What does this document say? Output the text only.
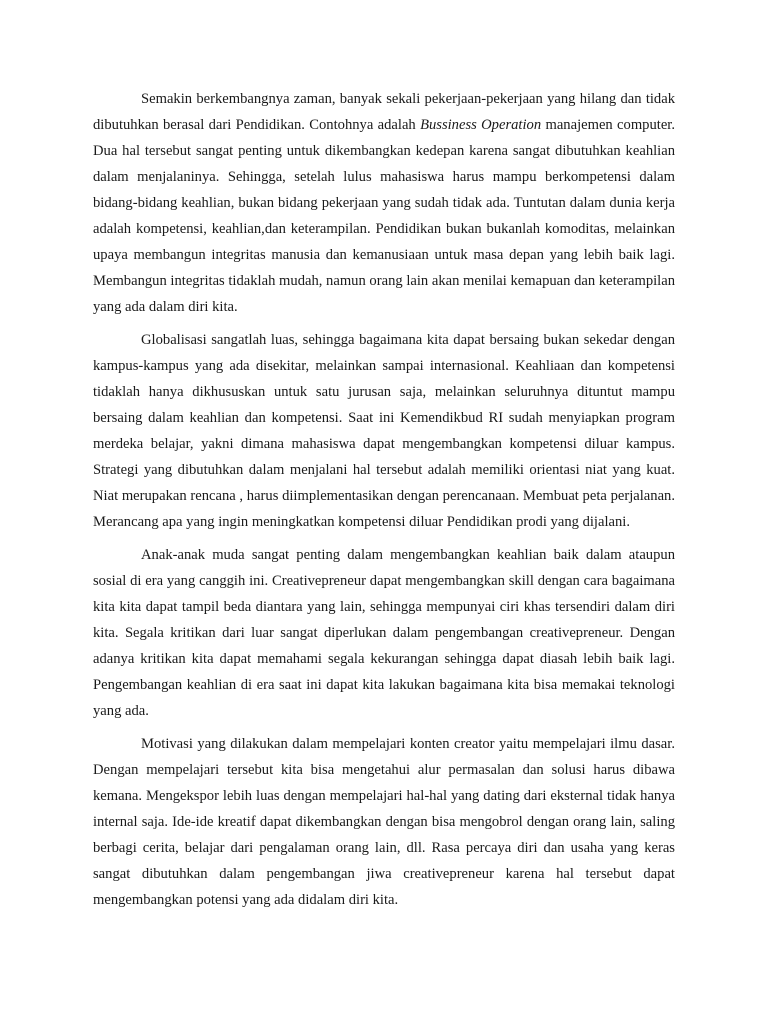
Semakin berkembangnya zaman, banyak sekali pekerjaan-pekerjaan yang hilang dan tidak dibutuhkan berasal dari Pendidikan. Contohnya adalah Bussiness Operation manajemen computer. Dua hal tersebut sangat penting untuk dikembangkan kedepan karena sangat dibutuhkan keahlian dalam menjalaninya. Sehingga, setelah lulus mahasiswa harus mampu berkompetensi dalam bidang-bidang keahlian, bukan bidang pekerjaan yang sudah tidak ada. Tuntutan dalam dunia kerja adalah kompetensi, keahlian,dan keterampilan. Pendidikan bukan bukanlah komoditas, melainkan upaya membangun integritas manusia dan kemanusiaan untuk masa depan yang lebih baik lagi. Membangun integritas tidaklah mudah, namun orang lain akan menilai kemapuan dan keterampilan yang ada dalam diri kita.

Globalisasi sangatlah luas, sehingga bagaimana kita dapat bersaing bukan sekedar dengan kampus-kampus yang ada disekitar, melainkan sampai internasional. Keahliaan dan kompetensi tidaklah hanya dikhususkan untuk satu jurusan saja, melainkan seluruhnya dituntut mampu bersaing dalam keahlian dan kompetensi. Saat ini Kemendikbud RI sudah menyiapkan program merdeka belajar, yakni dimana mahasiswa dapat mengembangkan kompetensi diluar kampus. Strategi yang dibutuhkan dalam menjalani hal tersebut adalah memiliki orientasi niat yang kuat. Niat merupakan rencana , harus diimplementasikan dengan perencanaan. Membuat peta perjalanan. Merancang apa yang ingin meningkatkan kompetensi diluar Pendidikan prodi yang dijalani.

Anak-anak muda sangat penting dalam mengembangkan keahlian baik dalam ataupun sosial di era yang canggih ini. Creativepreneur dapat mengembangkan skill dengan cara bagaimana kita kita dapat tampil beda diantara yang lain, sehingga mempunyai ciri khas tersendiri dalam diri kita. Segala kritikan dari luar sangat diperlukan dalam pengembangan creativepreneur. Dengan adanya kritikan kita dapat memahami segala kekurangan sehingga dapat diasah lebih baik lagi. Pengembangan keahlian di era saat ini dapat kita lakukan bagaimana kita bisa memakai teknologi yang ada.

Motivasi yang dilakukan dalam mempelajari konten creator yaitu mempelajari ilmu dasar. Dengan mempelajari tersebut kita bisa mengetahui alur permasalan dan solusi harus dibawa kemana. Mengekspor lebih luas dengan mempelajari hal-hal yang dating dari eksternal tidak hanya internal saja. Ide-ide kreatif dapat dikembangkan dengan bisa mengobrol dengan orang lain, saling berbagi cerita, belajar dari pengalaman orang lain, dll. Rasa percaya diri dan usaha yang keras sangat dibutuhkan dalam pengembangan jiwa creativepreneur karena hal tersebut dapat mengembangkan potensi yang ada didalam diri kita.
